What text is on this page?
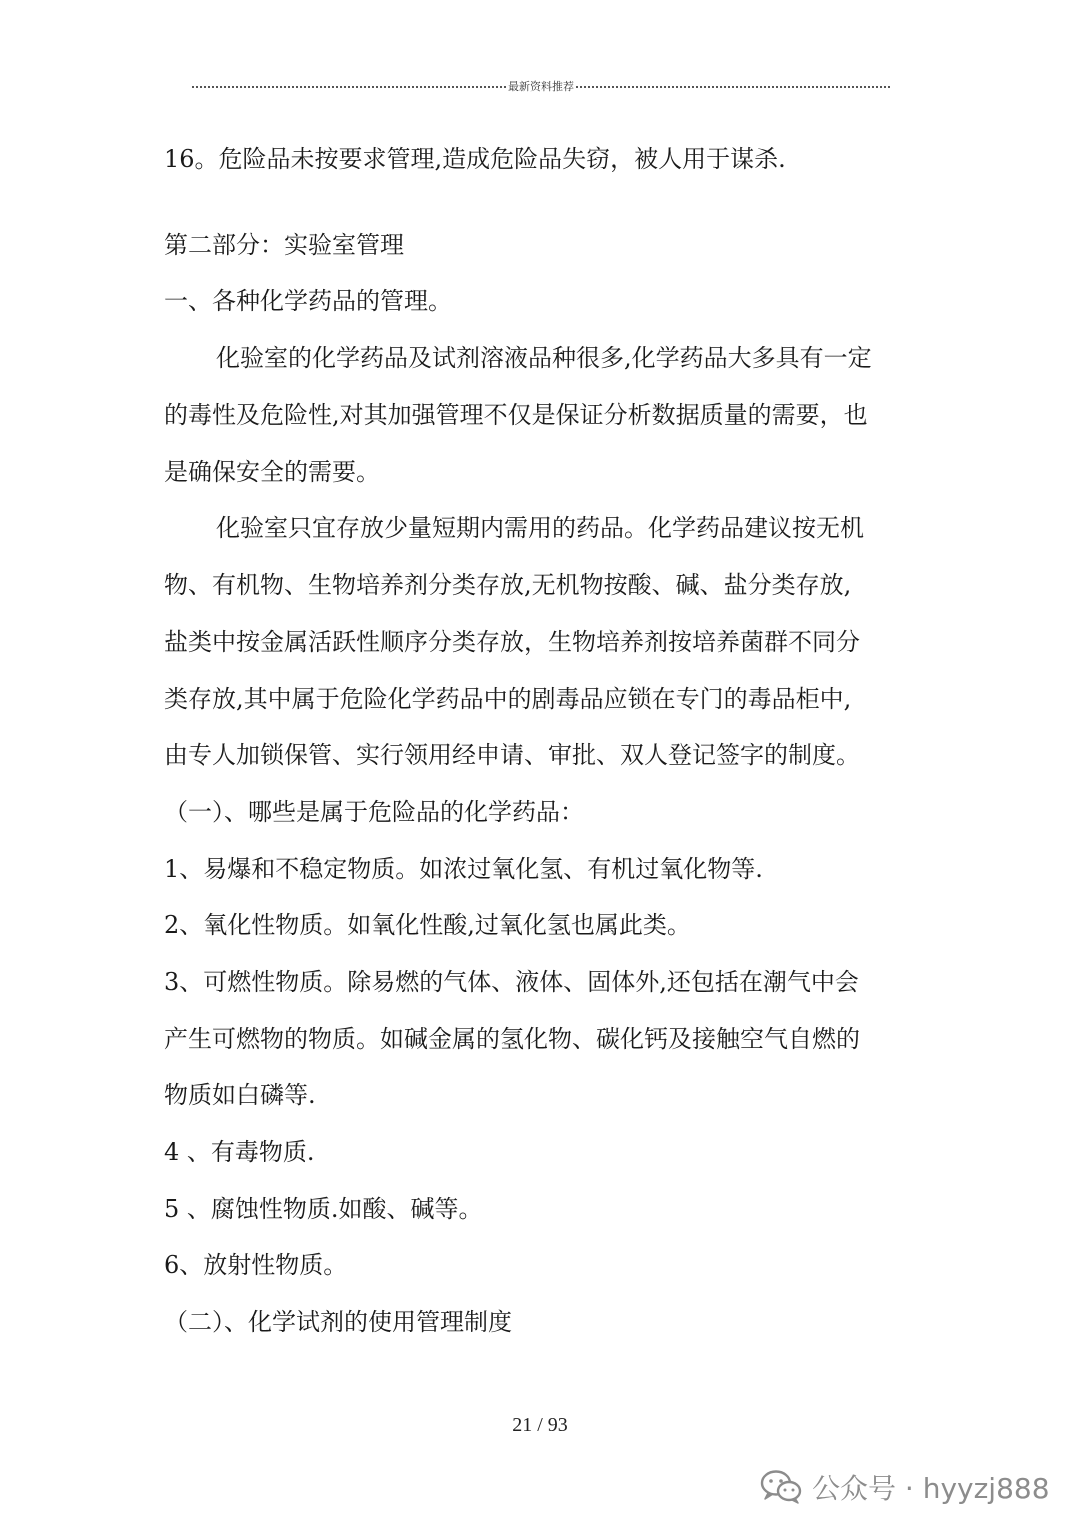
最新资料推荐
16。危险品未按要求管理,造成危险品失窃，被人用于谋杀.
第二部分：实验室管理
一、各种化学药品的管理。
化验室的化学药品及试剂溶液品种很多,化学药品大多具有一定
的毒性及危险性,对其加强管理不仅是保证分析数据质量的需要，也
是确保安全的需要。
化验室只宜存放少量短期内需用的药品。化学药品建议按无机
物、有机物、生物培养剂分类存放,无机物按酸、碱、盐分类存放,
盐类中按金属活跃性顺序分类存放，生物培养剂按培养菌群不同分
类存放,其中属于危险化学药品中的剧毒品应锁在专门的毒品柜中,
由专人加锁保管、实行领用经申请、审批、双人登记签字的制度。
（一）、哪些是属于危险品的化学药品：
1、易爆和不稳定物质。如浓过氧化氢、有机过氧化物等.
2、氧化性物质。如氧化性酸,过氧化氢也属此类。
3、可燃性物质。除易燃的气体、液体、固体外,还包括在潮气中会
产生可燃物的物质。如碱金属的氢化物、碳化钙及接触空气自燃的
物质如白磷等.
4 、有毒物质.
5 、腐蚀性物质.如酸、碱等。
6、放射性物质。
（二）、化学试剂的使用管理制度
21 / 93
公众号 · hyyzj888
